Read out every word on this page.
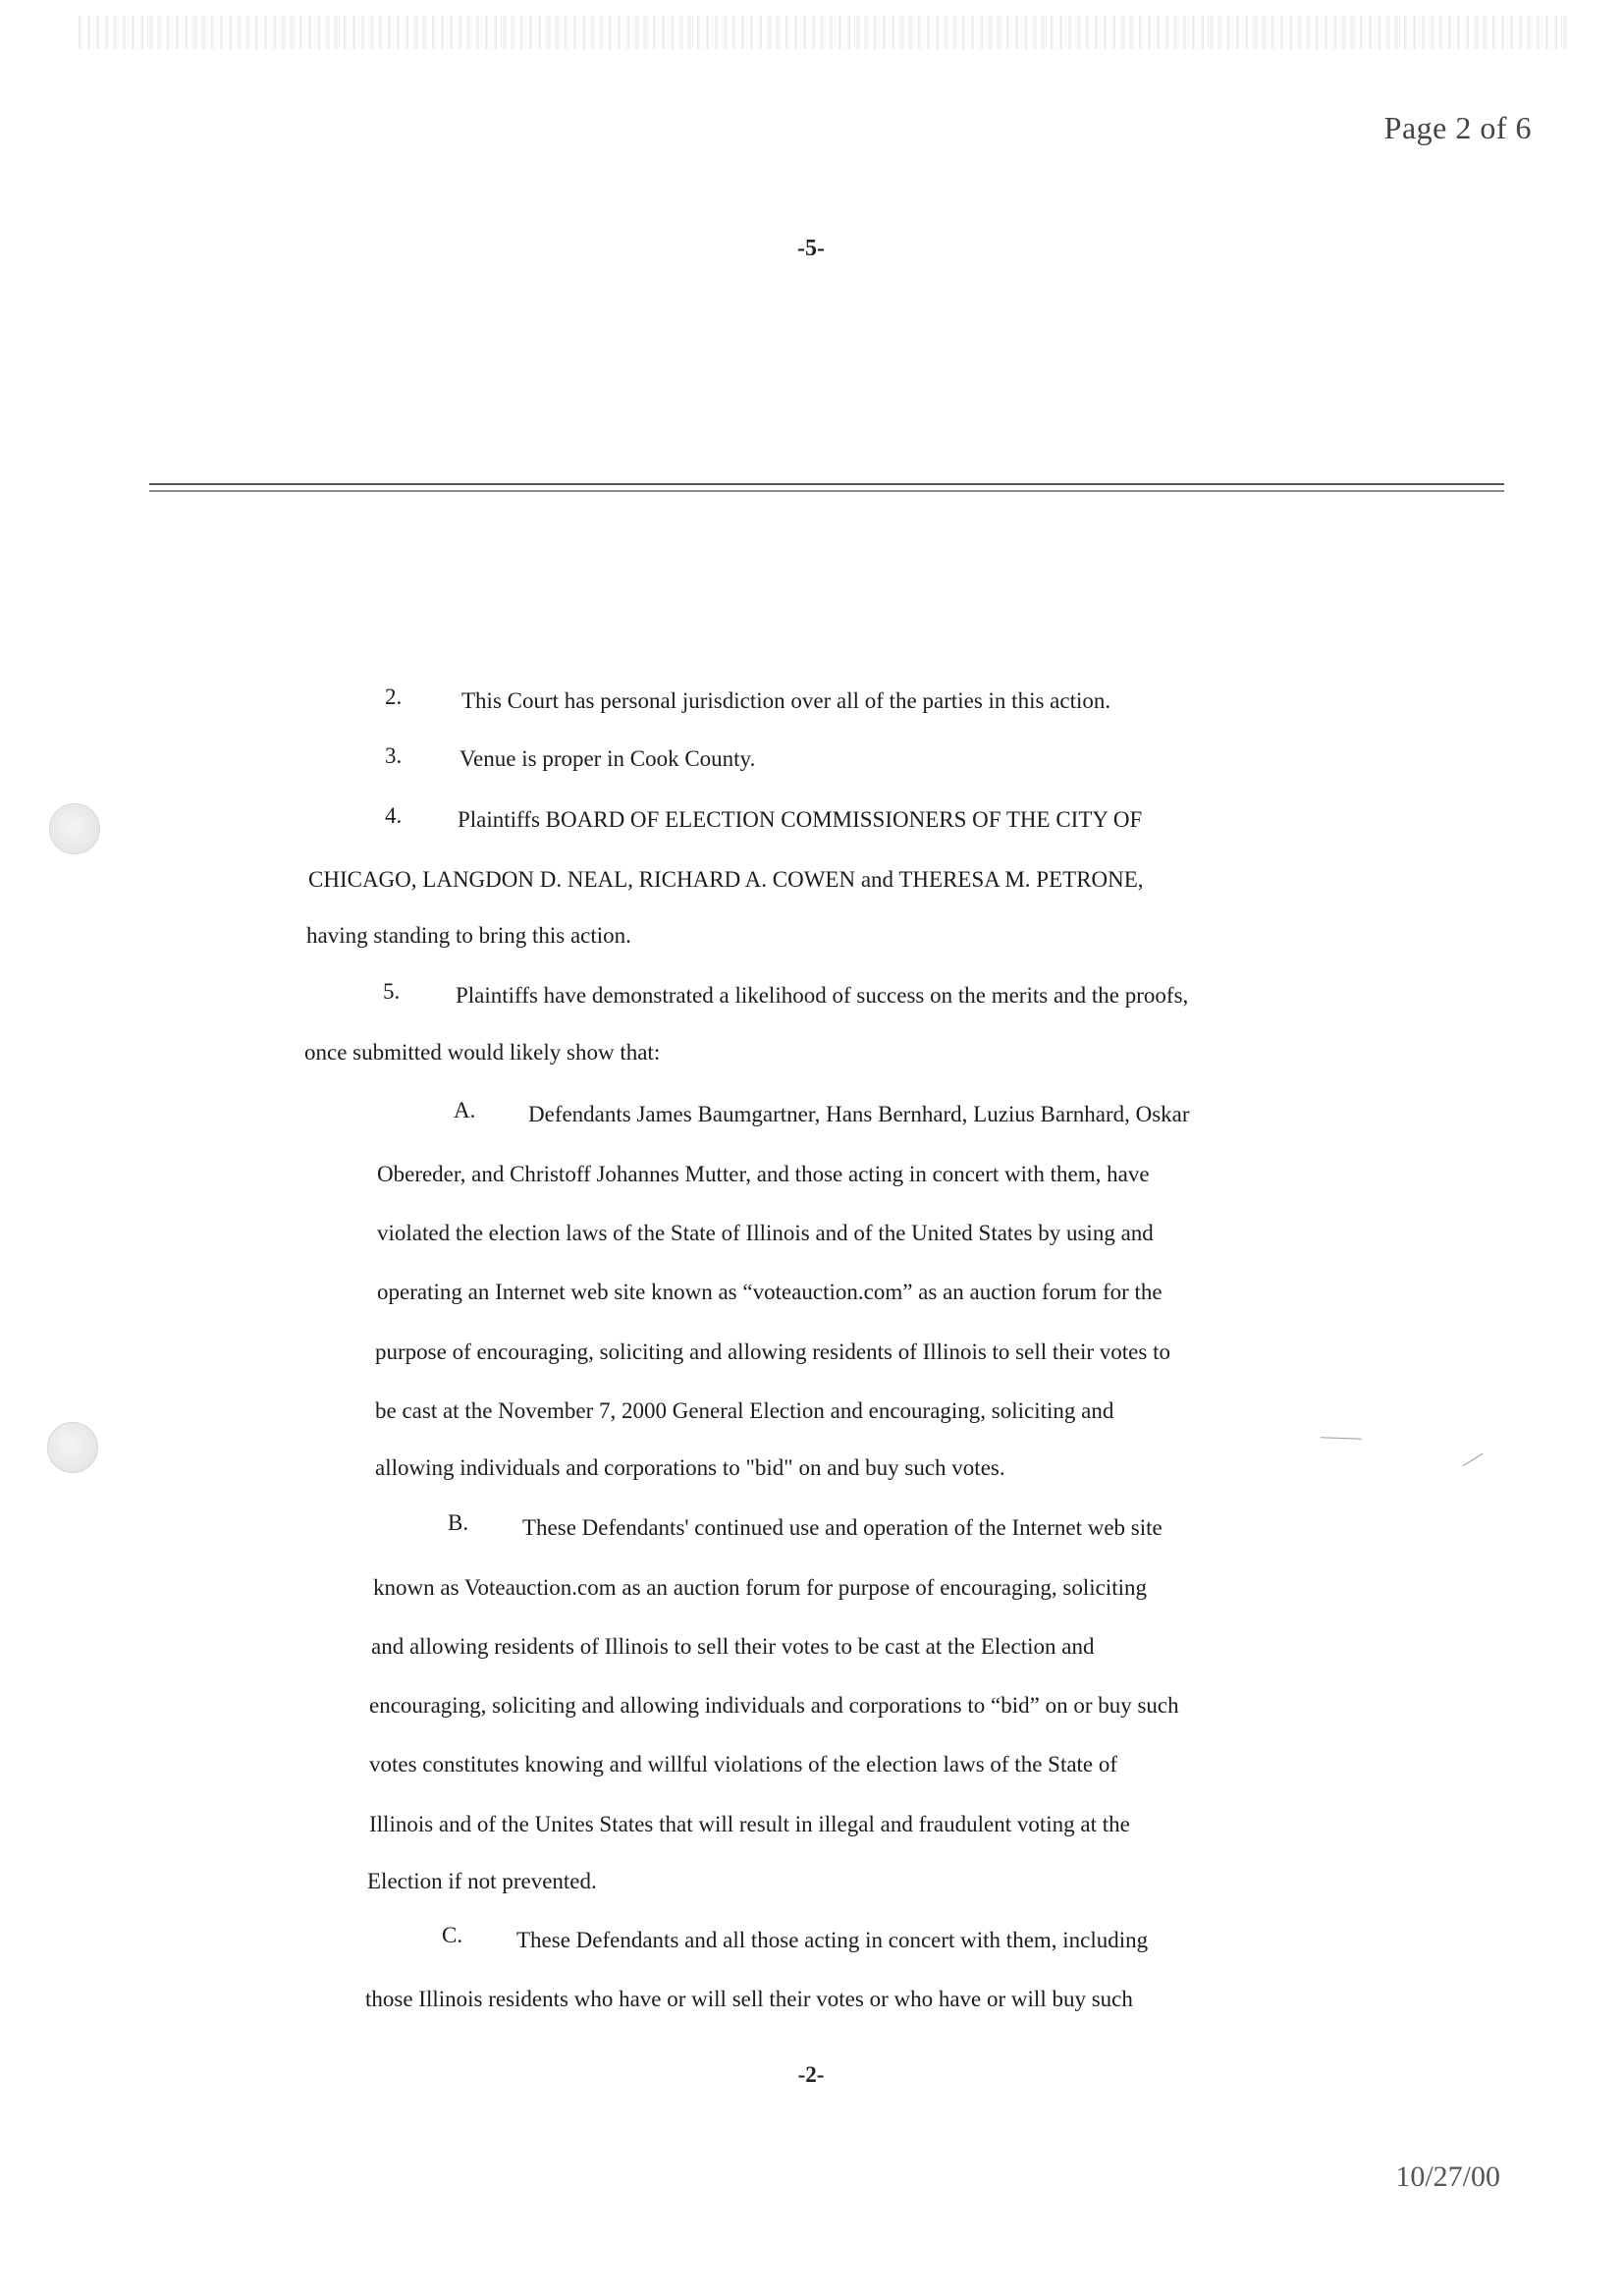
Page 2 of 6
-5-
2.	This Court has personal jurisdiction over all of the parties in this action.
3.	Venue is proper in Cook County.
4. Plaintiffs BOARD OF ELECTION COMMISSIONERS OF THE CITY OF
CHICAGO, LANGDON D. NEAL, RICHARD A. COWEN and THERESA M. PETRONE,
having standing to bring this action.
5. Plaintiffs have demonstrated a likelihood of success on the merits and the proofs,
once submitted would likely show that:
A. Defendants James Baumgartner, Hans Bernhard, Luzius Barnhard, Oskar
Obereder, and Christoff Johannes Mutter, and those acting in concert with them, have
violated the election laws of the State of Illinois and of the United States by using and
operating an Internet web site known as “voteauction.com” as an auction forum for the
purpose of encouraging, soliciting and allowing residents of Illinois to sell their votes to
be cast at the November 7, 2000 General Election and encouraging, soliciting and
allowing individuals and corporations to "bid" on and buy such votes.
B. These Defendants' continued use and operation of the Internet web site
known as Voteauction.com as an auction forum for purpose of encouraging, soliciting
and allowing residents of Illinois to sell their votes to be cast at the Election and
encouraging, soliciting and allowing individuals and corporations to “bid” on or buy such
votes constitutes knowing and willful violations of the election laws of the State of
Illinois and of the Unites States that will result in illegal and fraudulent voting at the
Election if not prevented.
C. These Defendants and all those acting in concert with them, including
those Illinois residents who have or will sell their votes or who have or will buy such
-2-
10/27/00
